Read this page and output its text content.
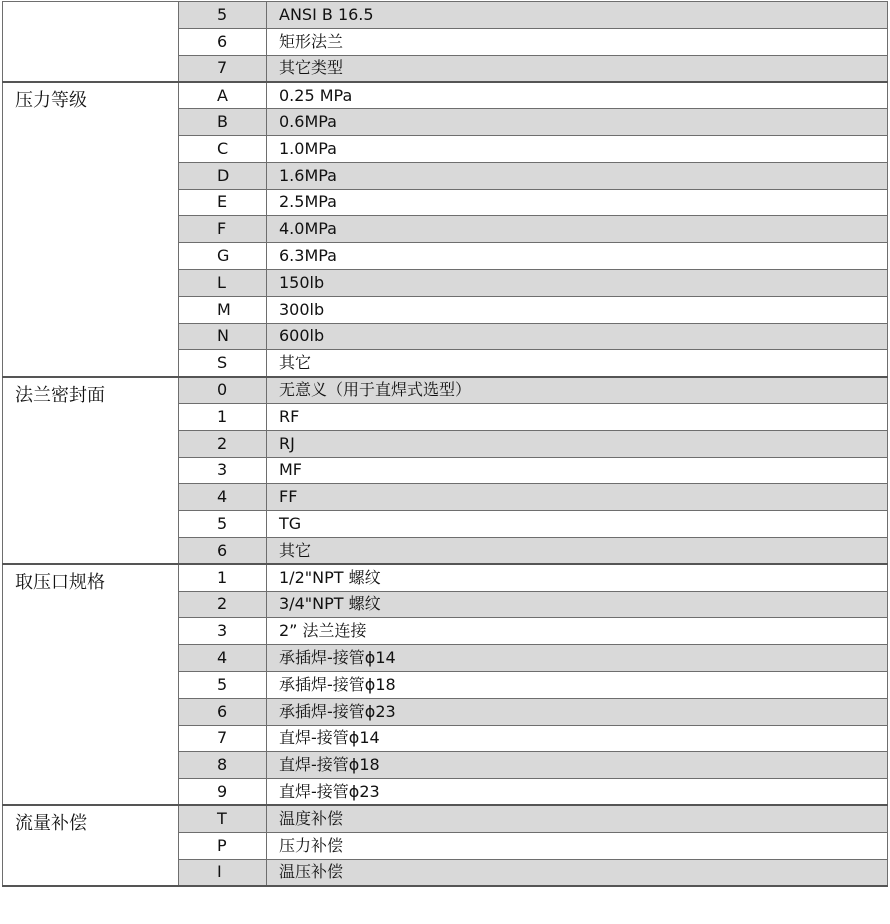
	5	ANSI B 16.5
	6	矩形法兰
	7	其它类型
压力等级	A	0.25 MPa
	B	0.6MPa
	C	1.0MPa
	D	1.6MPa
	E	2.5MPa
	F	4.0MPa
	G	6.3MPa
	L	150lb
	M	300lb
	N	600lb
	S	其它
法兰密封面	0	无意义（用于直焊式选型）
	1	RF
	2	RJ
	3	MF
	4	FF
	5	TG
	6	其它
取压口规格	1	1/2"NPT 螺纹
	2	3/4"NPT 螺纹
	3	2” 法兰连接
	4	承插焊-接管ϕ14
	5	承插焊-接管ϕ18
	6	承插焊-接管ϕ23
	7	直焊-接管ϕ14
	8	直焊-接管ϕ18
	9	直焊-接管ϕ23
流量补偿	T	温度补偿
	P	压力补偿
	I	温压补偿
